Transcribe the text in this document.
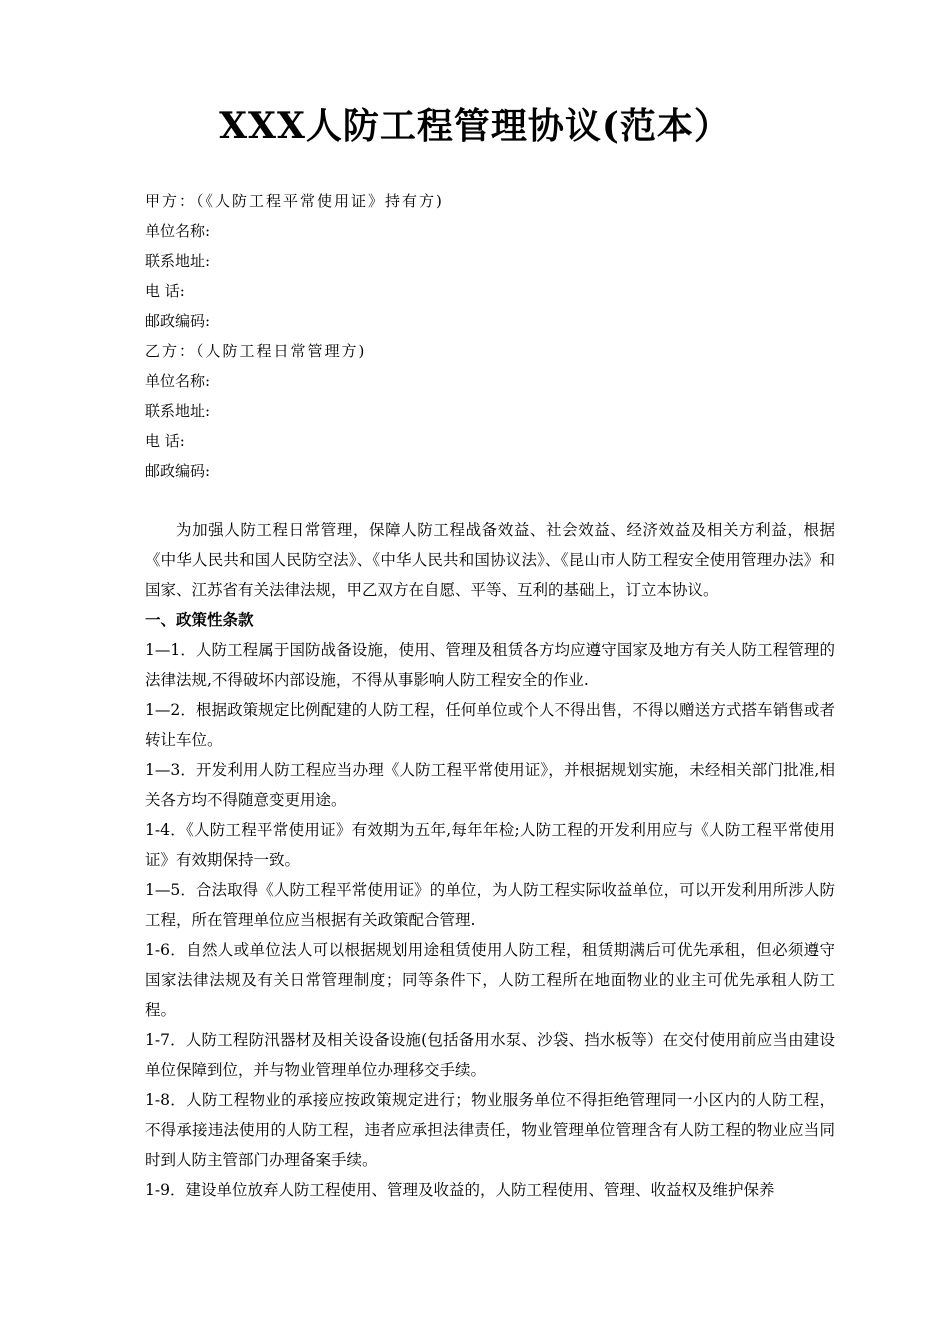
XXX人防工程管理协议(范本）
甲方：（《人防工程平常使用证》持有方)
单位名称:
联系地址:
电 话:
邮政编码:
乙方：（人防工程日常管理方)
单位名称:
联系地址:
电 话:
邮政编码:

为加强人防工程日常管理，保障人防工程战备效益、社会效益、经济效益及相关方利益，根据《中华人民共和国人民防空法》、《中华人民共和国协议法》、《昆山市人防工程安全使用管理办法》和国家、江苏省有关法律法规，甲乙双方在自愿、平等、互利的基础上，订立本协议。

一、政策性条款

1—1．人防工程属于国防战备设施，使用、管理及租赁各方均应遵守国家及地方有关人防工程管理的法律法规,不得破坏内部设施，不得从事影响人防工程安全的作业.

1—2．根据政策规定比例配建的人防工程，任何单位或个人不得出售，不得以赠送方式搭车销售或者转让车位。

1—3．开发利用人防工程应当办理《人防工程平常使用证》，并根据规划实施，未经相关部门批准,相关各方均不得随意变更用途。

1-4．《人防工程平常使用证》有效期为五年,每年年检;人防工程的开发利用应与《人防工程平常使用证》有效期保持一致。

1—5．合法取得《人防工程平常使用证》的单位，为人防工程实际收益单位，可以开发利用所涉人防工程，所在管理单位应当根据有关政策配合管理.

1-6．自然人或单位法人可以根据规划用途租赁使用人防工程，租赁期满后可优先承租，但必须遵守国家法律法规及有关日常管理制度；同等条件下，人防工程所在地面物业的业主可优先承租人防工程。

1-7．人防工程防汛器材及相关设备设施(包括备用水泵、沙袋、挡水板等）在交付使用前应当由建设单位保障到位，并与物业管理单位办理移交手续。

1-8．人防工程物业的承接应按政策规定进行；物业服务单位不得拒绝管理同一小区内的人防工程，不得承接违法使用的人防工程，违者应承担法律责任，物业管理单位管理含有人防工程的物业应当同时到人防主管部门办理备案手续。

1-9．建设单位放弃人防工程使用、管理及收益的，人防工程使用、管理、收益权及维护保养
